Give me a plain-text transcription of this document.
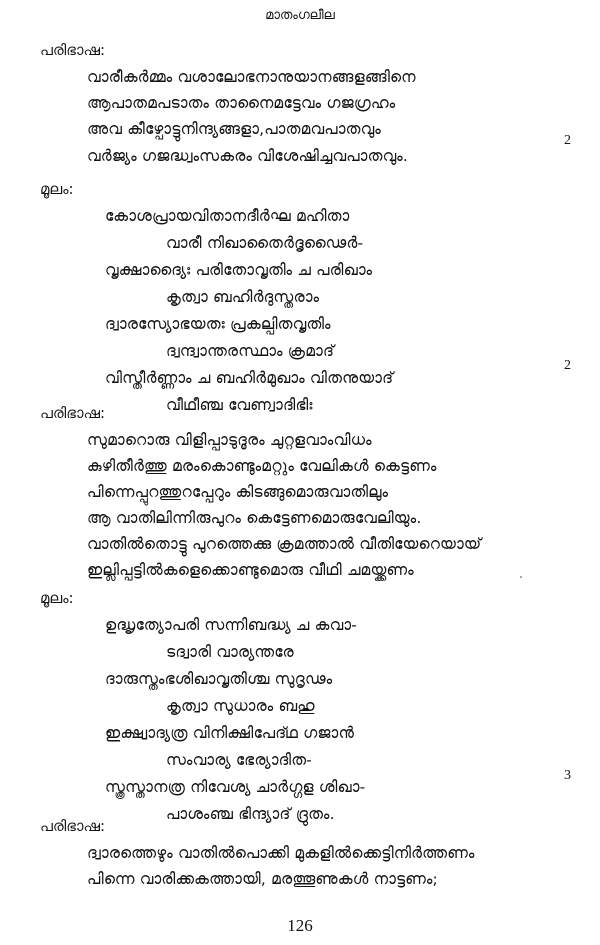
മാതംഗലീല
പരിഭാഷ:
വാരീകർമ്മം വശാലോഭനാനുയാനങ്ങളങ്ങിനെ
ആപാതമപടാതം താനൈമട്ടേവം ഗജഗ്രഹം
അവ കീഴ്പോട്ടുനിന്ദ്യങ്ങളാ,പാതമവപാതവും
വർജ്യം ഗജദ്ധ്വംസകരം വിശേഷിച്ചവപാതവും.
2
മൂലം:
കോശപ്രായവിതാനദീർഘ മഹിതാ
വാരീ നിഖാതൈർദ്ദൃഢൈർ-
വൃക്ഷാദ്യൈഃ പരിതോവൃതിം ച പരിഖാം
കൃത്വാ ബഹിർദുസ്തരാം
ദ്വാരസ്യോഭയതഃ പ്രകല്പിതവൃതിം
ദ്വന്ദ്വാന്തരസ്ഥാം ക്രമാദ്
വിസ്തീർണ്ണാം ച ബഹിർമുഖാം വിതനുയാദ്
വീഥീഞ്ച വേണ്വാദിഭിഃ
2
പരിഭാഷ:
സുമാറൊരു വിളിപ്പാടുദൂരം ചുറ്റളവാംവിധം
കുഴിതീർത്തു മരംകൊണ്ടുംമറ്റും വേലികൾ കെട്ടണം
പിന്നെപ്പുറത്തുറപ്പേറും കിടങ്ങുമൊരുവാതിലും
ആ വാതിലിന്നിരുപുറം കെട്ടേണമൊരുവേലിയും.
വാതിൽതൊട്ടു പുറത്തെക്കു ക്രമത്താൽ വീതിയേറെയായ്
ഇല്ലിപ്പട്ടിൽകളെക്കൊണ്ടുമൊരു വീഥി ചമയ്ക്കണം
മൂലം:
ഉദ്ധൃത്യോപരി സന്നിബദ്ധ്യ ച കവാ-
ടദ്വാരി വാര്യന്തരേ
ദാരുസ്തംഭശിഖാവൃതിശ്ച സുദൃഢം
കൃത്വാ സുധാരം ബഹു
ഇക്ഷ്വാദ്യത്ര വിനിക്ഷിപേദ്ഥ ഗജാൻ
സംവാര്യ ഭേര്യാദിത-
സ്ത്രസ്താനത്ര നിവേശ്യ ചാർഗ്ഗള ശിഖാ-
പാശംഞ്ച ഭിന്ദ്യാദ് ദ്രുതം.
3
പരിഭാഷ:
ദ്വാരത്തെഴും വാതിൽപൊക്കി മുകളിൽക്കെട്ടിനിർത്തണം
പിന്നെ വാരിക്കകത്തായി, മരത്തൂണുകൾ നാട്ടണം;
126
